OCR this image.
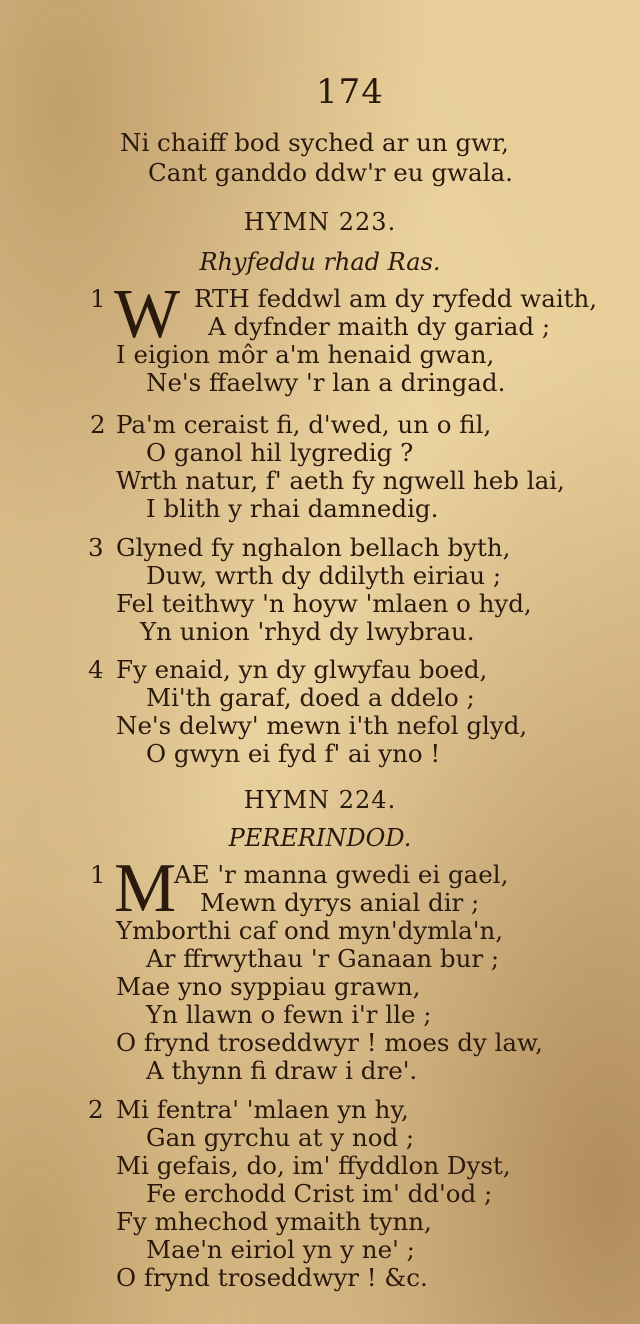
174
Ni chaiff bod syched ar un gwr,
Cant ganddo ddw'r eu gwala.
HYMN 223.
Rhyfeddu rhad Ras.
1 W RTH feddwl am dy ryfedd waith,
A dyfnder maith dy gariad ;
I eigion môr a'm henaid gwan,
Ne's ffaelwy 'r lan a dringad.
2 Pa'm ceraist fi, d'wed, un o fil,
O ganol hil lygredig ?
Wrth natur, f' aeth fy ngwell heb lai,
I blith y rhai damnedig.
3 Glyned fy nghalon bellach byth,
Duw, wrth dy ddilyth eiriau ;
Fel teithwy 'n hoyw 'mlaen o hyd,
Yn union 'rhyd dy lwybrau.
4 Fy enaid, yn dy glwyfau boed,
Mi'th garaf, doed a ddelo ;
Ne's delwy' mewn i'th nefol glyd,
O gwyn ei fyd f' ai yno !
HYMN 224.
PERERINDOD.
1 M
AE 'r manna gwedi ei gael,
Mewn dyrys anial dir ;
Ymborthi caf ond myn'dymla'n,
Ar ffrwythau 'r Ganaan bur ;
Mae yno syppiau grawn,
Yn llawn o fewn i'r lle ;
O frynd troseddwyr ! moes dy law,
A thynn fi draw i dre'.
2 Mi fentra' 'mlaen yn hy,
Gan gyrchu at y nod ;
Mi gefais, do, im' ffyddlon Dyst,
Fe erchodd Crist im' dd'od ;
Fy mhechod ymaith tynn,
Mae'n eiriol yn y ne' ;
O frynd troseddwyr ! &c.
